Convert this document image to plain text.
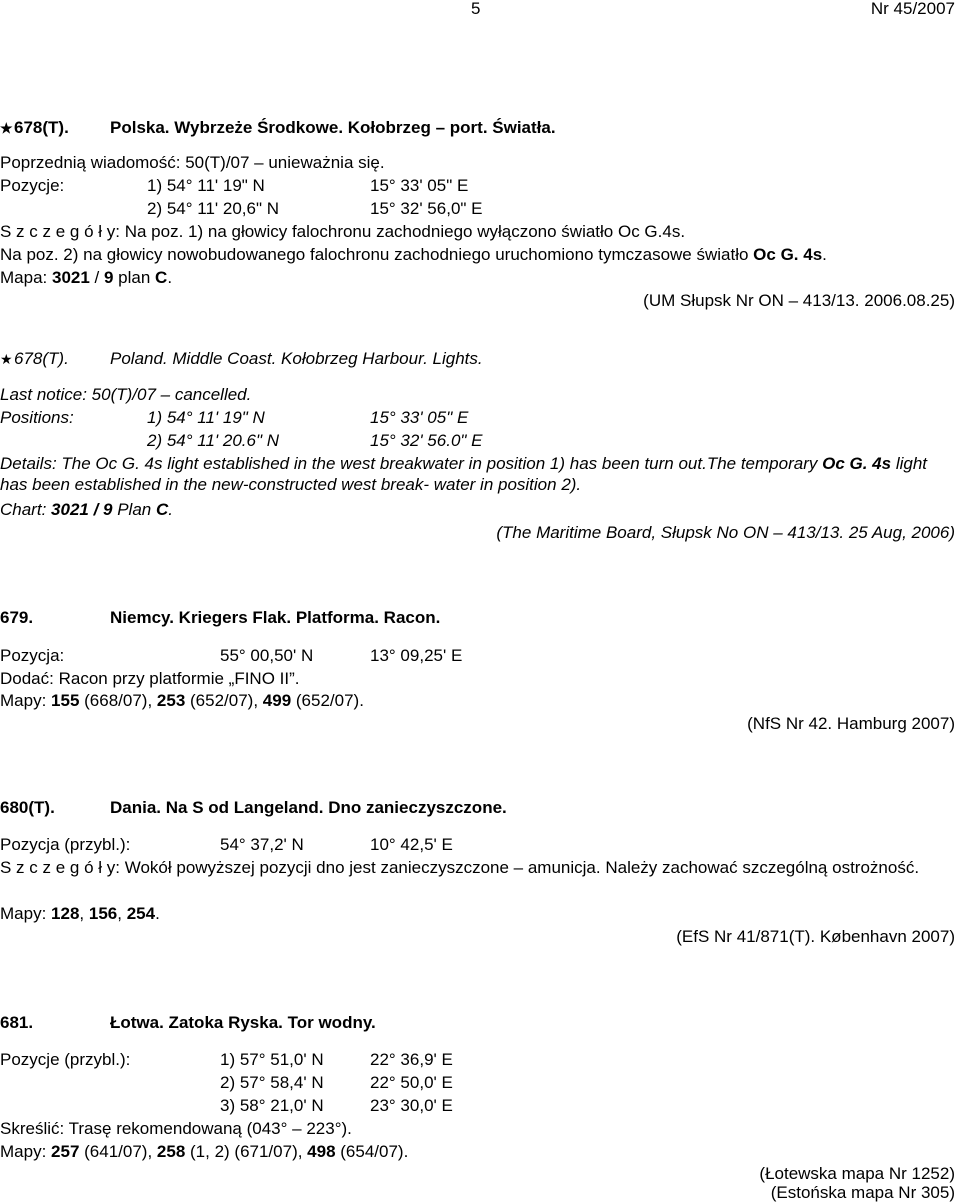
5	Nr 45/2007
★678(T). Polska. Wybrzeże Środkowe. Kołobrzeg – port. Światła.
Poprzednią wiadomość: 50(T)/07 – unieważnia się.
Pozycje:	1) 54° 11' 19" N	15° 33' 05" E
2) 54° 11' 20,6" N	15° 32' 56,0" E
S z c z e g ó ł y: Na poz. 1) na głowicy falochronu zachodniego wyłączono światło Oc G.4s.
Na poz. 2) na głowicy nowobudowanego falochronu zachodniego uruchomiono tymczasowe światło Oc G. 4s.
Mapa: 3021 / 9 plan C.
(UM Słupsk Nr ON – 413/13. 2006.08.25)
★678(T). Poland. Middle Coast. Kołobrzeg Harbour. Lights.
Last notice: 50(T)/07 – cancelled.
Positions:	1) 54° 11' 19" N	15° 33' 05" E
2) 54° 11' 20.6" N	15° 32' 56.0" E
Details: The Oc G. 4s light established in the west breakwater in position 1) has been turn out.The temporary Oc G. 4s light has been established in the new-constructed west break- water in position 2).
Chart: 3021 / 9 Plan C.
(The Maritime Board, Słupsk No ON – 413/13. 25 Aug, 2006)
679.	Niemcy. Kriegers Flak. Platforma. Racon.
Pozycja:	55° 00,50' N	13° 09,25' E
Dodać: Racon przy platformie „FINO II”.
Mapy: 155 (668/07), 253 (652/07), 499 (652/07).
(NfS Nr 42. Hamburg 2007)
680(T).	Dania. Na S od Langeland. Dno zanieczyszczone.
Pozycja (przybl.):	54° 37,2' N	10° 42,5' E
S z c z e g ó ł y: Wokół powyższej pozycji dno jest zanieczyszczone – amunicja. Należy zachować szczególną ostrożność.
Mapy: 128, 156, 254.
(EfS Nr 41/871(T). København 2007)
681.	Łotwa. Zatoka Ryska. Tor wodny.
Pozycje (przybl.):	1) 57° 51,0' N	22° 36,9' E
2) 57° 58,4' N	22° 50,0' E
3) 58° 21,0' N	23° 30,0' E
Skreślić: Trasę rekomendowaną (043° – 223°).
Mapy: 257 (641/07), 258 (1, 2) (671/07), 498 (654/07).
(Łotewska mapa Nr 1252)
(Estońska mapa Nr 305)
